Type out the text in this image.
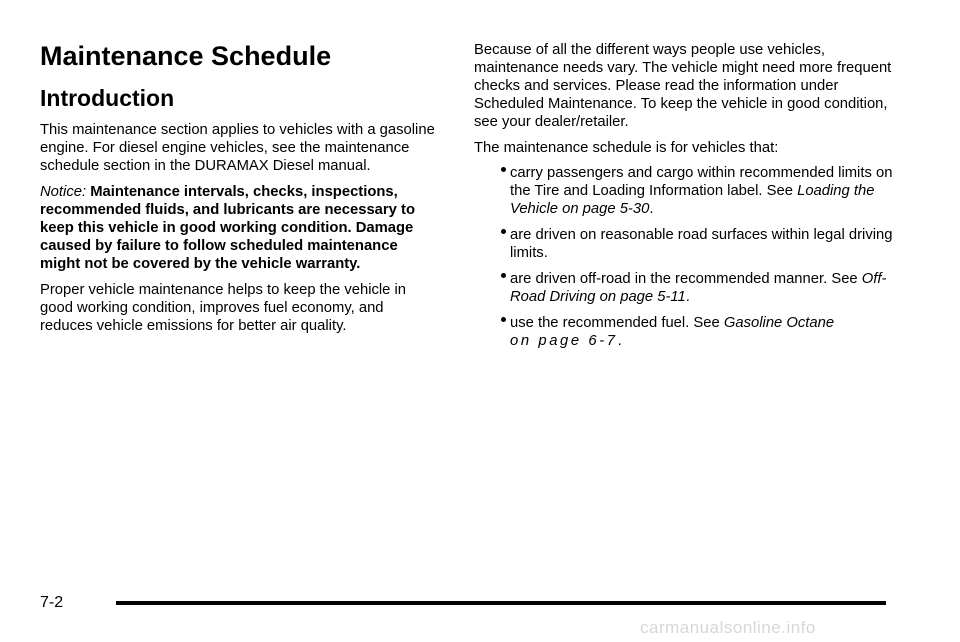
Maintenance Schedule
Introduction

This maintenance section applies to vehicles with a gasoline engine. For diesel engine vehicles, see the maintenance schedule section in the DURAMAX Diesel manual.

Notice: Maintenance intervals, checks, inspections, recommended fluids, and lubricants are necessary to keep this vehicle in good working condition. Damage caused by failure to follow scheduled maintenance might not be covered by the vehicle warranty.

Proper vehicle maintenance helps to keep the vehicle in good working condition, improves fuel economy, and reduces vehicle emissions for better air quality.

Because of all the different ways people use vehicles, maintenance needs vary. The vehicle might need more frequent checks and services. Please read the information under Scheduled Maintenance. To keep the vehicle in good condition, see your dealer/retailer.

The maintenance schedule is for vehicles that:

carry passengers and cargo within recommended limits on the Tire and Loading Information label. See Loading the Vehicle on page 5-30.
are driven on reasonable road surfaces within legal driving limits.
are driven off-road in the recommended manner. See Off-Road Driving on page 5-11.
use the recommended fuel. See Gasoline Octane
on page 6-7.
7-2
carmanualsonline.info
